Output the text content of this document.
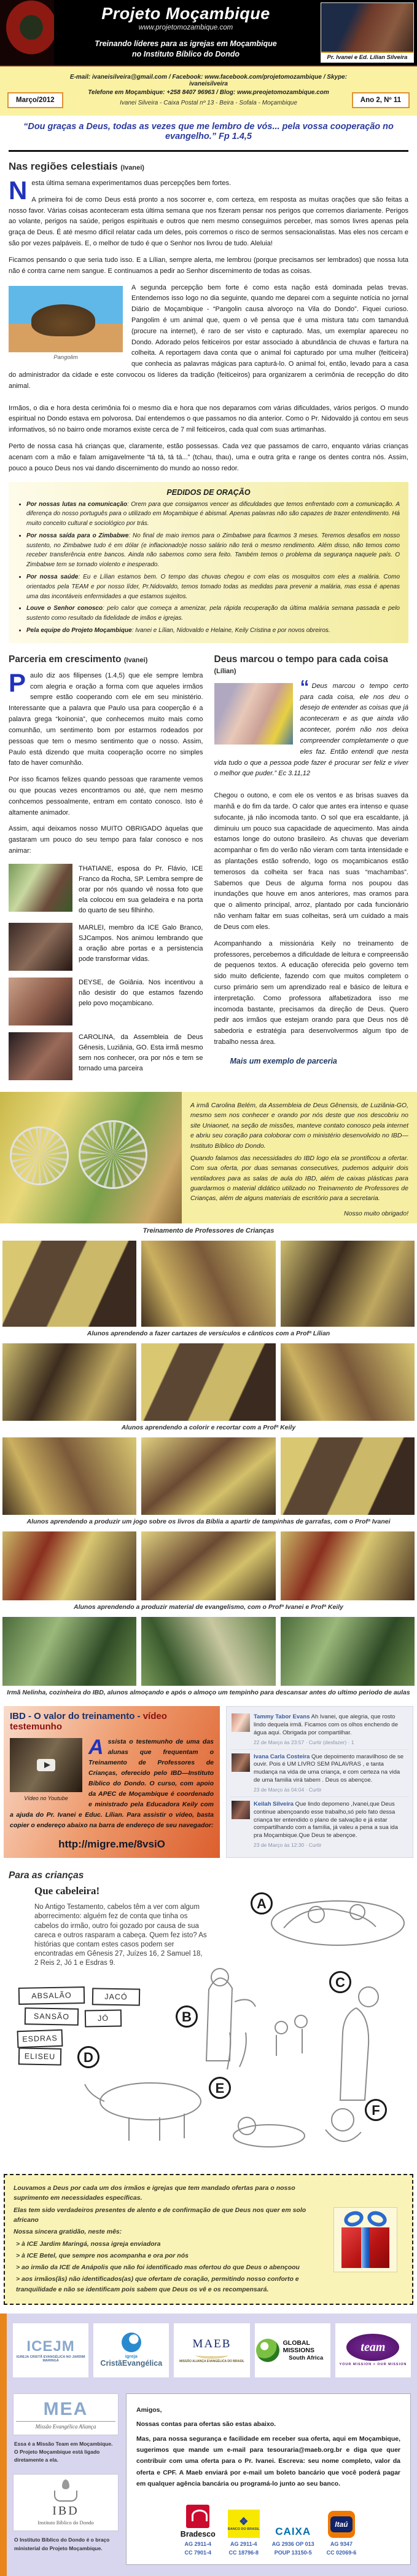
Projeto Moçambique
www.projetomozambique.com
Treinando líderes para as igrejas em Moçambique
no Instituto Bíblico do Dondo	Pr. Ivanei e Ed. Lílian Silveira
E-mail: ivaneisilveira@gmail.com / Facebook: www.facebook.com/projetomozambique / Skype: ivaneisilveira
Telefone em Moçambique: +258 8407 96963 / Blog: www.preojetomozambique.com
Ivanei Silveira - Caixa Postal nº 13 - Beira - Sofala - Moçambique
Março/2012	Ano 2, Nº 11
“Dou graças a Deus, todas as vezes que me lembro de vós... pela vossa cooperação no evangelho.” Fp 1.4,5
Nas regiões celestiais (Ivanei)

N esta última semana experimentamos duas percepções bem fortes.

A primeira foi de como Deus está pronto a nos socorrer e, com certeza, em resposta as muitas orações que são feitas a nosso favor. Várias coisas aconteceram esta última semana que nos fizeram pensar nos perigos que corremos diariamente. Perigos ao volante, perigos na saúde, perigos espirituais e outros que nem mesmo conseguimos perceber, mas somos livres apenas pela graça de Deus. É até mesmo difícil relatar cada um deles, pois corremos o risco de sermos sensacionalistas. Mas eles nos cercam e são por vezes palpáveis. E, o melhor de tudo é que o Senhor nos livrou de tudo. Aleluia!

Ficamos pensando o que seria tudo isso. E a Lílian, sempre alerta, me lembrou (porque precisamos ser lembrados) que nossa luta não é contra carne nem sangue. E continuamos a pedir ao Senhor discernimento de todas as coisas.

Pangolim

A segunda percepção bem forte é como esta nação está dominada pelas trevas. Entendemos isso logo no dia seguinte, quando me deparei com a seguinte notícia no jornal Diário de Moçambique - “Pangolin causa alvoroço na Vila do Dondo”. Fiquei curioso. Pangolim é um animal que, quem o vê pensa que é uma mistura tatu com tamanduá (procure na internet), é raro de ser visto e capturado. Mas, um exemplar apareceu no Dondo. Adorado pelos feiticeiros por estar associado à abundância de chuvas e fartura na colheita. A reportagem dava conta que o animal foi capturado por uma mulher (feiticeira) que conhecia as palavras mágicas para capturá-lo. O animal foi, então, levado para a casa do administrador da cidade e este convocou os líderes da tradição (feiticeiros) para organizarem a cerimônia de recepção do dito animal.

Irmãos, o dia e hora desta cerimônia foi o mesmo dia e hora que nos deparamos com várias dificuldades, vários perigos. O mundo espiritual no Dondo estava em polvorosa. Daí entendemos o que passamos no dia anterior. Como o Pr. Nidovaldo já contou em seus informativos, só no bairro onde moramos existe cerca de 7 mil feiticeiros, cada qual com suas artimanhas.

Perto de nossa casa há crianças que, claramente, estão possessas. Cada vez que passamos de carro, enquanto várias crianças acenam com a mão e falam amigavelmente “tá tá, tá tá...” (tchau, thau), uma e outra grita e range os dentes contra nós. Assim, pouco a pouco Deus nos vai dando discernimento do mundo ao nosso redor.

PEDIDOS DE ORAÇÃO
• Por nossas lutas na comunicação: Orem para que consigamos vencer as dificuldades que temos enfrentado com a comunicação. A diferença do nosso português para o utilizado em Moçambique é abismal. Apenas palavras não são capazes de trazer entendimento. Há muito conceito cultural e sociológico por trás.
• Por nossa saída para o Zimbabwe: No final de maio iremos para o Zimbabwe para ficarmos 3 meses. Teremos desafios em nosso sustento, no Zimbabwe tudo é em dólar (e inflacionado)e nosso salário não terá o mesmo rendimento. Além disso, não temos como receber transferência entre bancos. Ainda não sabemos como sera feito. Também temos o problema da segurança naquele país. O Zimbabwe tem se tornado violento e inesperado.
• Por nossa saúde: Eu e Lílian estamos bem. O tempo das chuvas chegou e com elas os mosquitos com eles a malária. Como orientados pela TEAM e por nosso líder, Pr.Nidovaldo, temos tomado todas as medidas para prevenir a malária, mas essa é apenas uma das incontáveis enfermidades a que estamos sujeitos.
• Louve o Senhor conosco: pelo calor que começa a amenizar, pela rápida recuperação da última malária semana passada e pelo sustento como resultado da fidelidade de imãos e igrejas.
• Pela equipe do Projeto Moçambique: Ivanei e Lílian, Nidovaldo e Helaine, Keily Cristina e por novos obreiros.
Parceria em crescimento (Ivanei)

P aulo diz aos filipenses (1.4,5) que ele sempre lembra com alegria e oração a forma com que aqueles irmãos sempre estão cooperando com ele em seu ministério. Interessante que a palavra que Paulo usa para cooperção é a palavra grega “koinonia”, que conhecemos muito mais como comunhão, um sentimento bom por estarmos rodeados por pessoas que tem o mesmo sentimento que o nosso. Assim, Paulo está dizendo que muita cooperação ocorre no simples fato de haver comunhão.

Por isso ficamos felizes quando pessoas que raramente vemos ou que poucas vezes encontramos ou até, que nem mesmo conhcemos pessoalmente, entram em contato conosco. Isto é altamente animador.

Assim, aqui deixamos nosso MUITO OBRIGADO àquelas que gastaram um pouco do seu tempo para falar conosco e nos animar:

THATIANE, esposa do Pr. Flávio, ICE Franco da Rocha, SP. Lembra sempre de orar por nós quando vê nossa foto que ela colocou em sua geladeira e na porta do quarto de seu filhinho.
MARLEI, membro da ICE Galo Branco, SJCampos. Nos animou lembrando que a oração abre portas e a persistencia pode transformar vidas.
DEYSE, de Goiânia. Nos incentivou a não desistir do que estamos fazendo pelo povo moçambicano.
CAROLINA, da Assembleia de Deus Gênesis, Luziânia, GO. Esta irmã mesmo sem nos conhecer, ora por nós e tem se tornado uma parceira
Deus marcou o tempo para cada coisa (Lílian)

“ Deus marcou o tempo certo para cada coisa, ele nos deu o desejo de entender as coisas que já aconteceram e as que ainda vão acontecer, porém não nos deixa compreender completamente o que eles faz. Então entendi que nesta vida tudo o que a pessoa pode fazer é procurar ser feliz e viver o melhor que puder.” Ec 3.11,12

Chegou o outono, e com ele os ventos e as brisas suaves da manhã e do fim da tarde. O calor que antes era intenso e quase sufocante, já não incomoda tanto. O sol que era escaldante, já diminuiu um pouco sua capacidade de aquecimento. Mas ainda estamos longe do outono brasileiro. As chuvas que deveriam acompanhar o fim do verão não vieram com tanta intensidade e as plantações estão sofrendo, logo os moçambicanos estão temerosos da colheita ser fraca nas suas “machambas”. Sabemos que Deus de alguma forma nos poupou das inundações que houve em anos anteriores, mas oramos para que o alimento principal, arroz, plantado por cada funcionário não venham faltar em suas colheitas, será um cuidado a mais de Deus com eles.

Acompanhando a missionária Keily no treinamento de professores, percebemos a dificuldade de leitura e compreensão de pequenos textos. A educação oferecida pelo governo tem sido muito deficiente, fazendo com que muitos completem o curso primário sem um aprendizado real e básico de leitura e interpretação. Como professora alfabetizadora isso me incomoda bastante, precisamos da direção de Deus. Quero pedir aos irmãos que estejam orando para que Deus nos dê sabedoria e estratégia para desenvolvermos algum tipo de trabalho nessa área.

Mais um exemplo de parceria

A irmã Carolina Belém, da Assembleia de Deus Gênensis, de Luziânia-GO, mesmo sem nos conhecer e orando por nós deste que nos descobriu no site Uniaonet, na seção de missões, manteve contato conosco pela internet e abriu seu coração para coloborar com o ministério desenvolvido no IBD—Instituto Bíblico do Dondo.

Quando falamos das necessidades do IBD logo ela se prontificou a ofertar. Com sua oferta, por duas semanas consecutives, pudemos adquirir dois ventiladores para as salas de aula do IBD, além de caixas plásticas para guardarmos o material didático utilizado no Treinamento de Professores de Crianças, além de alguns materiais de escritório para a secretaria.

Nosso muito obrigado!
Treinamento de Professores de Crianças
Alunos aprendendo a fazer cartazes de versículos e cânticos com a Profª Lílian
Alunos aprendendo a colorir e recortar com a Profª Keily
Alunos aprendendo a produzir um jogo sobre os livros da Bíblia a apartir de tampinhas de garrafas, com o Profª Ivanei
Alunos aprendendo a produzir material de evangelismo, com o Profª Ivanei e Profª Keily
Irmã Nelinha, cozinheira do IBD, alunos almoçando e após o almoço um tempinho para descansar antes do ultimo periodo de aulas
IBD - O valor do treinamento - vídeo testemunho
Vídeo no Youtube
A ssista o testemunho de uma das alunas que frequentam o Treinamento de Professores de Crianças, oferecido pelo IBD—Instituto Bíblico do Dondo. O curso, com apoio da APEC de Moçambique é coordenado e ministrado pela Educadora Keily com a ajuda do Pr. Ivanei e Educ. Lílian. Para assistir o vídeo, basta copier o endereço abaixo na barra de endereço de seu navegador:
http://migre.me/8vsiO
Tammy Tabor Evans Ah Ivanei, que alegria, que rosto lindo dequela irmã. Ficamos com os olhos enchendo de água aqui. Obrigada por compartilhar.
22 de Março às 23:57 · Curtir (desfazer) · 1
Ivana Carla Costeira Que depoimento maravilhoso de se ouvir. Pois é UM LIVRO SEM PALAVRAS , e tanta mudança na vida de uma criança, e com certeza na vida de uma familia virá tabem . Deus os abençoe.
23 de Março às 04:04 · Curtir
Keilah Silveira Que lindo depomeno ,Ivanei,que Deus continue abençoando esse trabalho,só pelo fato dessa criança ter entendido o plano de salvação e já estar compartilhando com a família, já valeu a pena a sua ida pra Moçambique.Que Deus te abençoe.
23 de Março às 12:30 · Curtir
Para as crianças
Que cabeleira!
No Antigo Testamento, cabelos têm a ver com algum aborrecimento: alguém fez de conta que tinha os cabelos do irmão, outro foi gozado por causa de sua careca e outros rasparam a cabeça. Quem fez isto? As histórias que contam estes casos podem ser encontradas em Gênesis 27, Juízes 16, 2 Samuel 18, 2 Reis 2, Jó 1 e Esdras 9.
ABSALÃO	JACÓ
SANSÃO	JÓ
ESDRAS
ELISEU
A
B
C
D
E
F

Louvamos a Deus por cada um dos irmãos e igrejas que tem mandado ofertas para o nosso suprimento em necessidades específicas.

Elas tem sido verdadeiros presentes de alento e de confirmação de que Deus nos quer em solo africano

Nossa sincera gratidão, neste mês:

> à ICE Jardim Maringá, nossa igreja enviadora

> à ICE Betel, que sempre nos acompanha e ora por nós

> ao irmão da ICE de Anápolis que não foi identificado mas ofertou do que Deus o abençoou

> aos irmãos(ãs) não identificados(as) que ofertam de coração, permitindo nosso conforto e tranquilidade e não se identificam pois sabem que Deus os vê e os recompensará.

ICEJM
IGREJA CRISTÃ EVANGÉLICA NO JARDIM MARINGÁ
igreja
CristãEvangélica
MAEB
MISSÃO ALIANÇA EVANGÉLICA DO BRASIL
GLOBAL MISSIONS
South Africa
team
YOUR MISSION > OUR MISSION
MEA
Missão Evangélica Aliança
Essa é a Missão Team em Moçambique. O Projeto Moçambique está ligado diretamente a ela.
IBD
Instituto Bíblico do Dondo
O Instituto Bíblico do Dondo é o braço ministerial do Projeto Moçambique.

Amigos,

Nossas contas para ofertas são estas abaixo.

Mas, para nossa segurança e facilidade em receber sua oferta, aqui em Moçambique, sugerimos que mande um e-mail para tesouraria@maeb.org.br e diga que quer contribuir com uma oferta para o Pr. Ivanei. Escreva: seu nome completo, valor da oferta e CPF. A Maeb enviará por e-mail um boleto bancário que você poderá pagar em qualquer agência bancária ou programá-lo junto ao seu banco.

Bradesco
AG 2911-4
CC 7901-4
❖
BANCO DO BRASIL
AG 2911-4
CC 18796-8
CAIXA
AG 2936 OP 013
POUP 13150-5
Itaú
AG 9347
CC 02069-6
